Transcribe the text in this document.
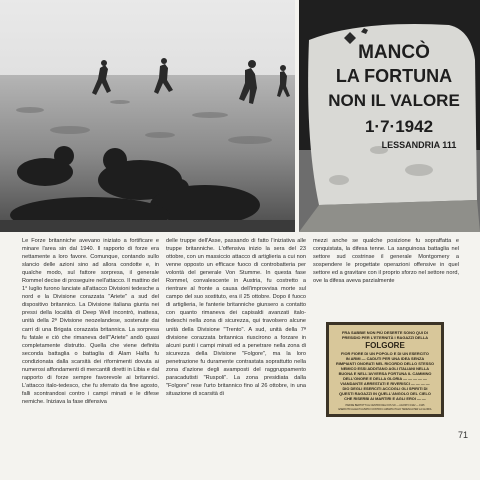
MANCÒ
LA FORTUNA
NON IL VALORE
1·7·1942
LESSANDRIA 111
Le Forze britanniche avevano iniziato a fortificare e minare l'area sin dal 1940. Il rapporto di forze era nettamente a loro favore. Comunque, contando sullo slancio delle azioni sino ad allora condotte e, in qualche modo, sul fattore sorpresa, il generale Rommel decise di proseguire nell'attacco. Il mattino del 1° luglio furono lanciate all'attacco Divisioni tedesche a nord e la Divisione corazzata "Ariete" a sud del dispositivo britannico. La Divisione italiana giunta nei pressi della località di Deep Well incontrò, inattesa, unità della 2ª Divisione neozelandese, sostenute dai carri di una Brigata corazzata britannica. La sorpresa fu fatale e ciò che rimaneva dell'"Ariete" andò quasi completamente distrutto. Quella che viene definita seconda battaglia o battaglia di Alam Halfa fu condizionata dalla scarsità dei rifornimenti dovuta ai numerosi affondamenti di mercantili diretti in Libia e dal rapporto di forze sempre favorevole ai britannici. L'attacco italo-tedesco, che fu sferrato da fine agosto, falli scontrandosi contro i campi minati e le difese nemiche. Iniziava la fase difensiva
delle truppe dell'Asse, passando di fatto l'iniziativa alle truppe britanniche. L'offensiva inizio la sera del 23 ottobre, con un massiccio attacco di artiglieria a cui non venne opposto un efficace fuoco di controbatteria per volontà del generale Von Stumme. In questa fase Rommel, convalescente in Austria, fu costretto a rientrare al fronte a causa dell'improvvisa morte sul campo del suo sostituto, era il 25 ottobre. Dopo il fuoco di artiglieria, le fanterie britanniche giunsero a contatto con quanto rimaneva dei capisaldi avanzati italo-tedeschi nella zona di sicurezza, qui travolsero alcune unità della Divisione "Trento". A sud, unità della 7ª divisione corazzata britannica riuscirono a forzare in alcuni punti i campi minati ed a penetrare nella zona di sicurezza della Divisione "Folgore", ma la loro penetrazione fu duramente contrastata soprattutto nella zona d'azione degli avamposti del raggruppamento paracadutisti "Ruspoli". La zona presidiata dalla "Folgore" rese l'urto britannico fino al 26 ottobre, in una situazione di scarsità di
mezzi anche se qualche posizione fu sopraffatta e conquistata, la difesa tenne. La sanguinosa battaglia nel settore sud costrinse il generale Montgomery a sospendere le progettate operazioni offensive in quel settore ed a gravitare con il proprio sforzo nel settore nord, ove la difesa aveva parzialmente
FRA SABBIE NON PIÙ DESERTE SONO QUI DI
PRESIDIO PER L'ETERNITÀ I RAGAZZI DELLA
FOLGORE
FIOR FIORE DI UN POPOLO E DI UN ESERCITO
IN ARMI — CADUTI PER UNA IDEA SENZA
RIMPIANTI ONORATI NEL RICORDO DELLO STESSO
NEMICO ESSI ADDITANO AGLI ITALIANI NELLA
BUONA E NELL'AVVERSA FORTUNA IL CAMMINO
DELL'ONORE E DELLA GLORIA — — — — —
VIANDANTE ARRESTATI E RIVERISCI — — — —
DIO DEGLI ESERCITI ACCOGLI GLI SPIRITI DI
QUESTI RAGAZZI IN QUELL'ANGOLO DEL CIELO
CHE RISERBI AI MARTIRI E AGLI EROI — —
PARIDE BERTOTTI AL CENTRO DEL FOS SO — AGOSTO 1942 — 1945
ESERCITO ALLEATI AUSPICI CONTRO L'ARMATA ITALO TEDESCA PER LA GLORIA
71
